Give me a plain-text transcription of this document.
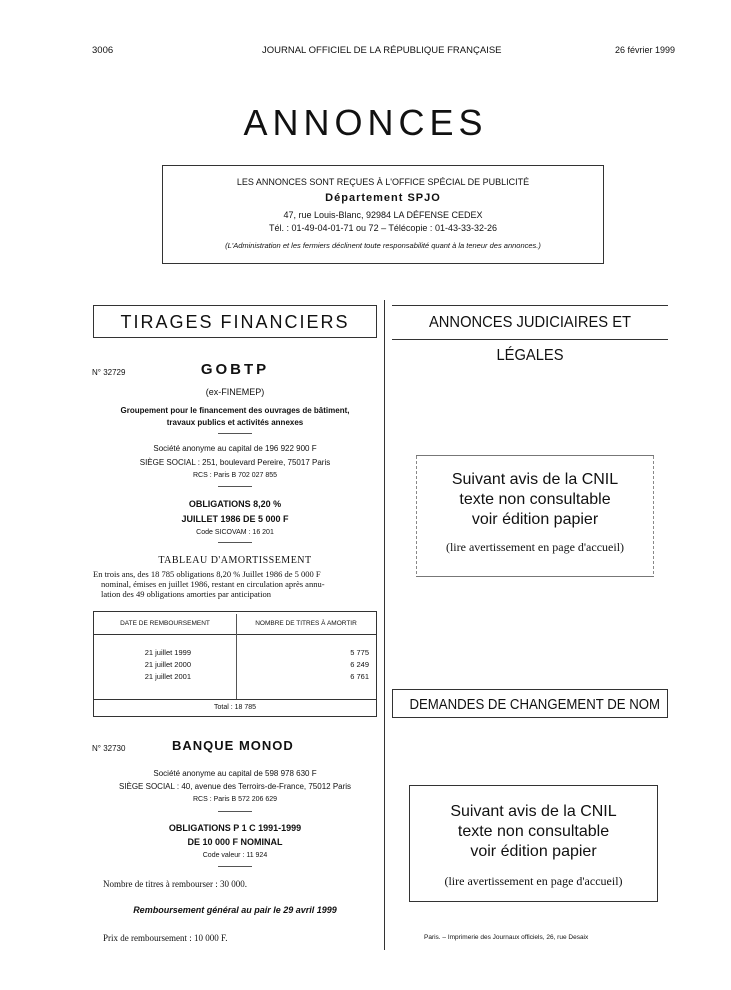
3006	JOURNAL OFFICIEL DE LA RÉPUBLIQUE FRANÇAISE	26 février 1999
ANNONCES
LES ANNONCES SONT REÇUES À L'OFFICE SPÉCIAL DE PUBLICITÉ
Département SPJO
47, rue Louis-Blanc, 92984 LA DÉFENSE CEDEX
Tél. : 01-49-04-01-71 ou 72 – Télécopie : 01-43-33-32-26
(L'Administration et les fermiers déclinent toute responsabilité quant à la teneur des annonces.)
TIRAGES FINANCIERS	ANNONCES JUDICIAIRES ET LÉGALES
N° 32729	GOBTP
(ex-FINEMEP)
Groupement pour le financement des ouvrages de bâtiment,
travaux publics et activités annexes
Société anonyme au capital de 196 922 900 F
SIÈGE SOCIAL : 251, boulevard Pereire, 75017 Paris
RCS : Paris B 702 027 855
OBLIGATIONS 8,20 %
JUILLET 1986 DE 5 000 F
Code SICOVAM : 16 201
TABLEAU D'AMORTISSEMENT
En trois ans, des 18 785 obligations 8,20 % Juillet 1986 de 5 000 F
nominal, émises en juillet 1986, restant en circulation après annu-
lation des 49 obligations amorties par anticipation
DATE DE REMBOURSEMENT	NOMBRE DE TITRES À AMORTIR
21 juillet 1999	5 775
21 juillet 2000	6 249
21 juillet 2001	6 761
Total : 18 785
N° 32730	BANQUE MONOD
Société anonyme au capital de 598 978 630 F
SIÈGE SOCIAL : 40, avenue des Terroirs-de-France, 75012 Paris
RCS : Paris B 572 206 629
OBLIGATIONS P 1 C 1991-1999
DE 10 000 F NOMINAL
Code valeur : 11 924
Nombre de titres à rembourser : 30 000.
Remboursement général au pair le 29 avril 1999
Prix de remboursement : 10 000 F.
Suivant avis de la CNIL
texte non consultable
voir édition papier
(lire avertissement en page d'accueil)
DEMANDES DE CHANGEMENT DE NOM
Suivant avis de la CNIL
texte non consultable
voir édition papier
(lire avertissement en page d'accueil)
Paris. – Imprimerie des Journaux officiels, 26, rue Desaix
